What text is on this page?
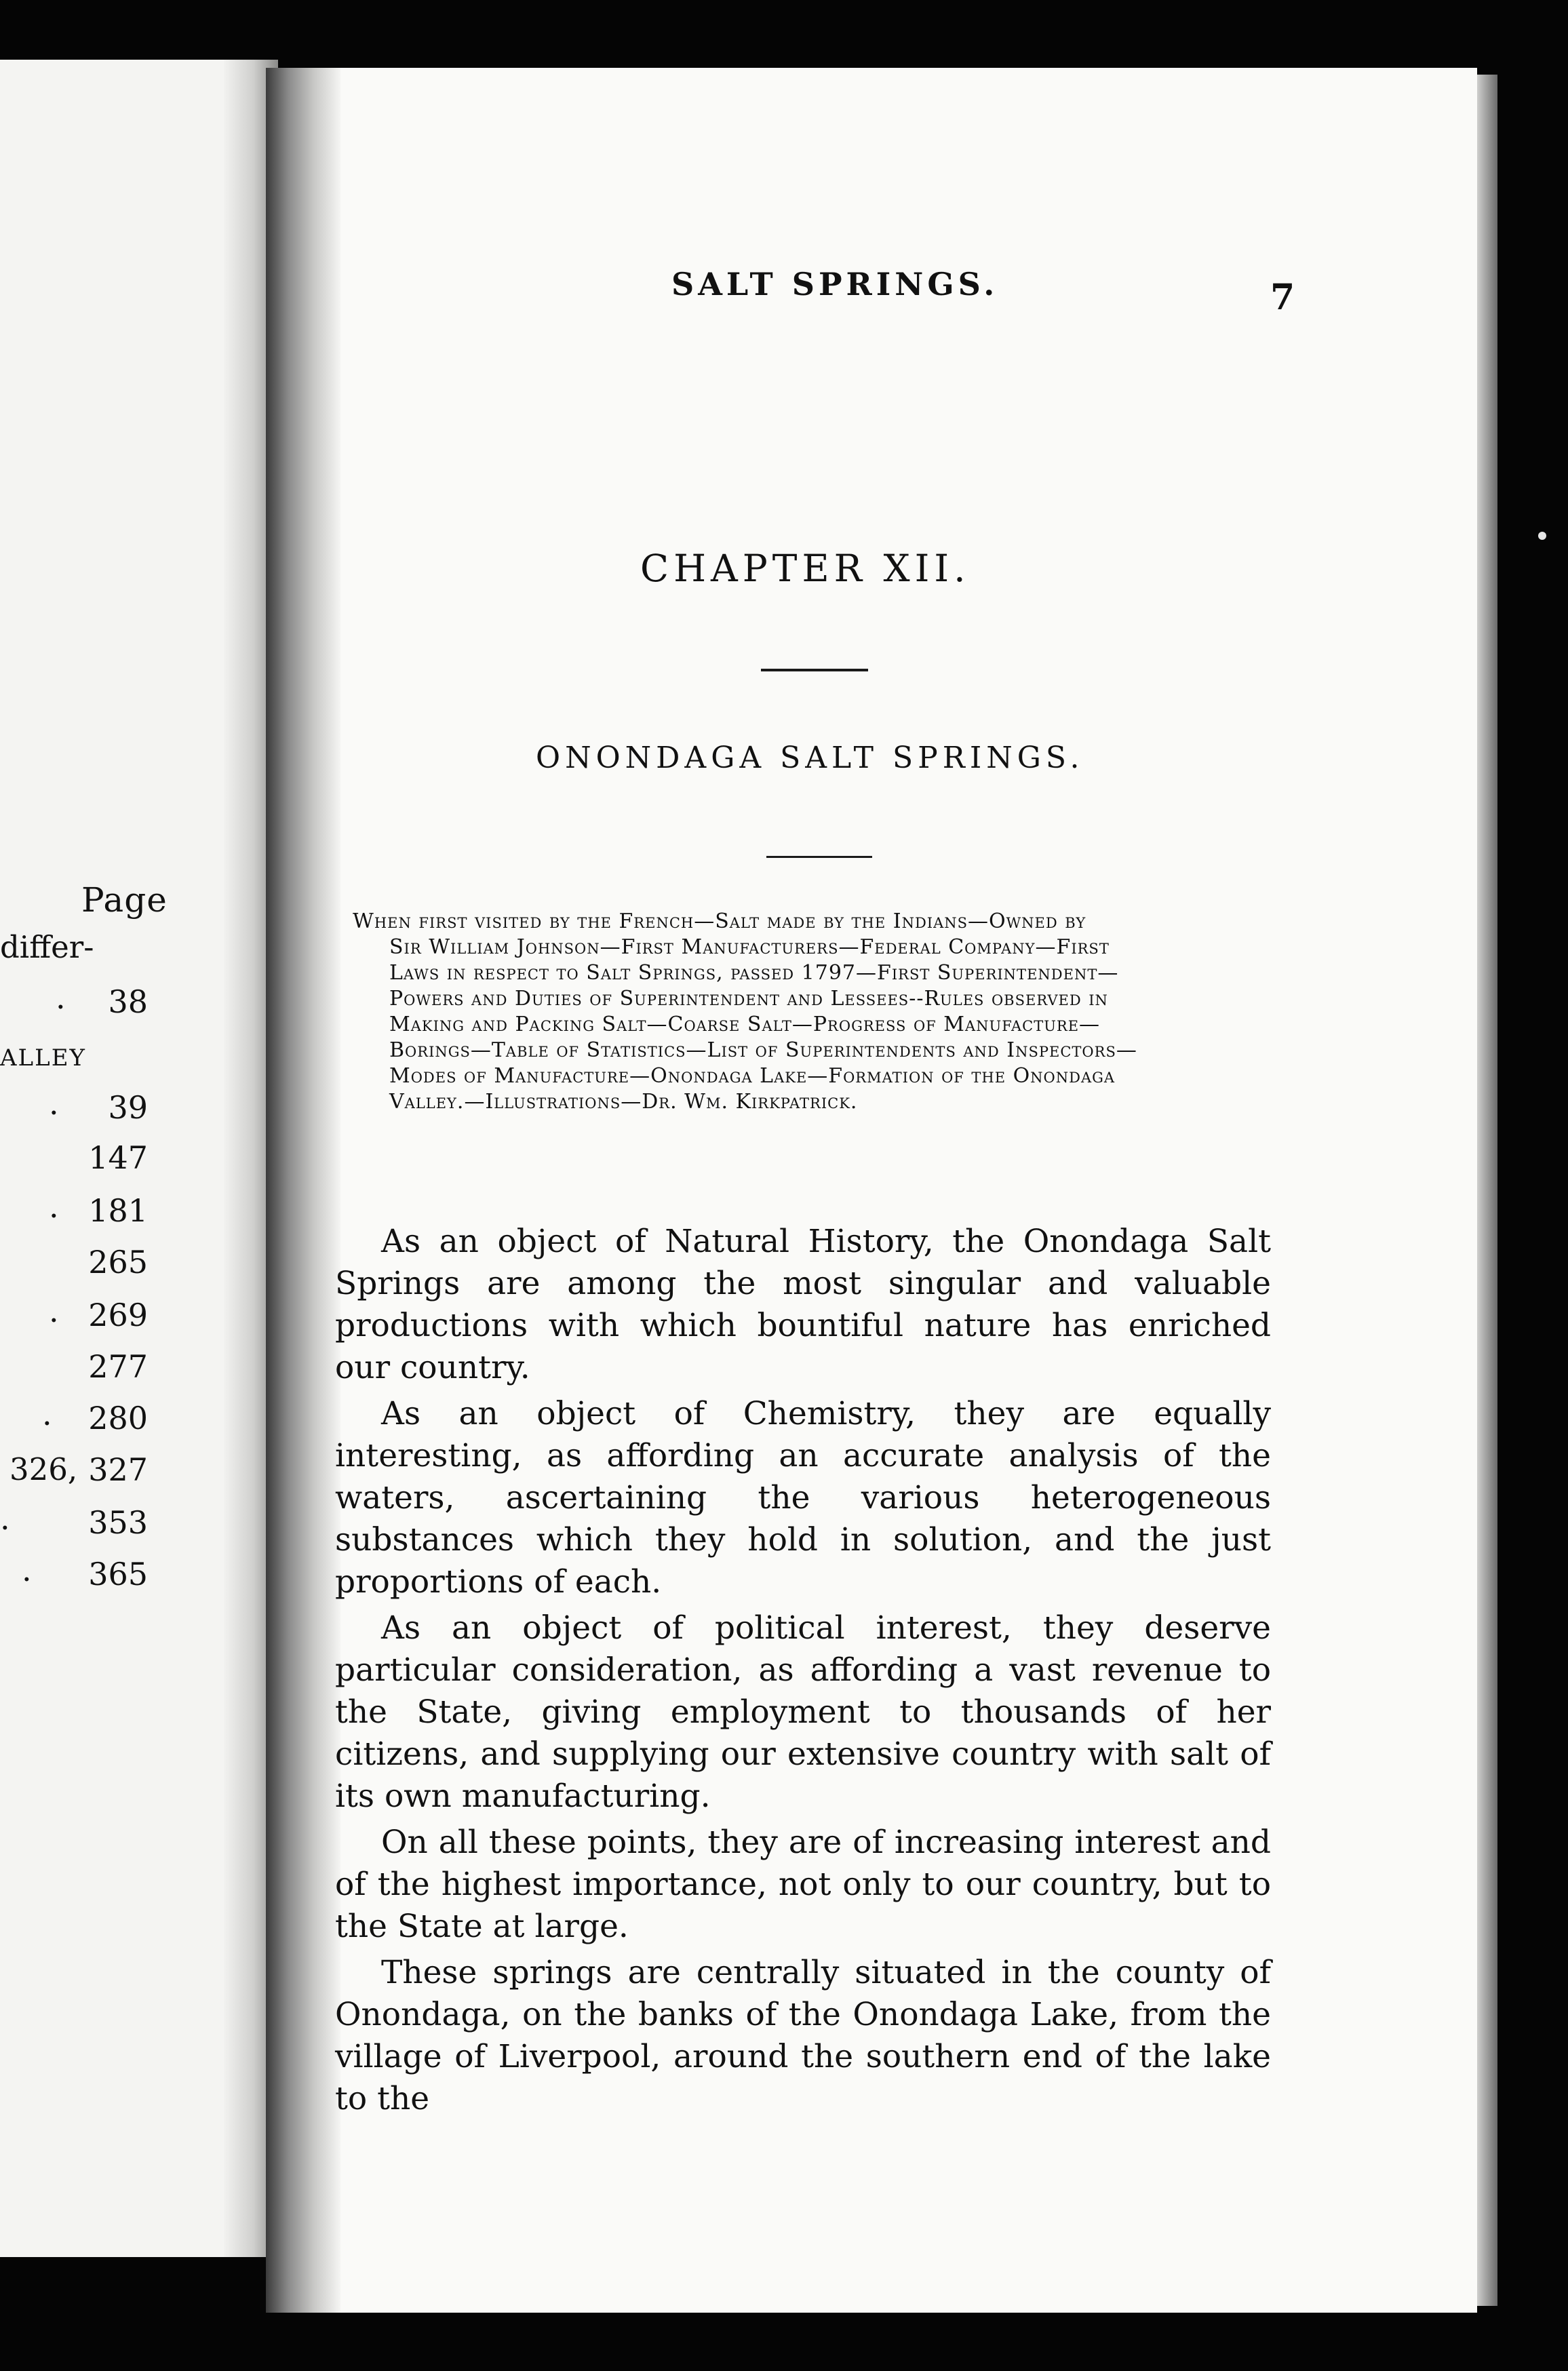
Page
differ-
.	38
ALLEY
.	39
147
. 181
265
. 269
277
.	280
326, 327
.	353
.	365
SALT SPRINGS.	7
CHAPTER XII.
ONONDAGA SALT SPRINGS.
When first visited by the French—Salt made by the Indians—Owned by
Sir William Johnson—First Manufacturers—Federal Company—First
Laws in respect to Salt Springs, passed 1797—First Superintendent—
Powers and Duties of Superintendent and Lessees--Rules observed in
Making and Packing Salt—Coarse Salt—Progress of Manufacture—
Borings—Table of Statistics—List of Superintendents and Inspectors—
Modes of Manufacture—Onondaga Lake—Formation of the Onondaga
Valley.—Illustrations—Dr. Wm. Kirkpatrick.

As an object of Natural History, the Onondaga Salt Springs are among the most singular and valuable productions with which bountiful nature has enriched our country.

As an object of Chemistry, they are equally interesting, as affording an accurate analysis of the waters, ascertaining the various heterogeneous substances which they hold in solution, and the just proportions of each.

As an object of political interest, they deserve particular consideration, as affording a vast revenue to the State, giving employment to thousands of her citizens, and supplying our extensive country with salt of its own manufacturing.

On all these points, they are of increasing interest and of the highest importance, not only to our country, but to the State at large.

These springs are centrally situated in the county of Onondaga, on the banks of the Onondaga Lake, from the village of Liverpool, around the southern end of the lake to the
